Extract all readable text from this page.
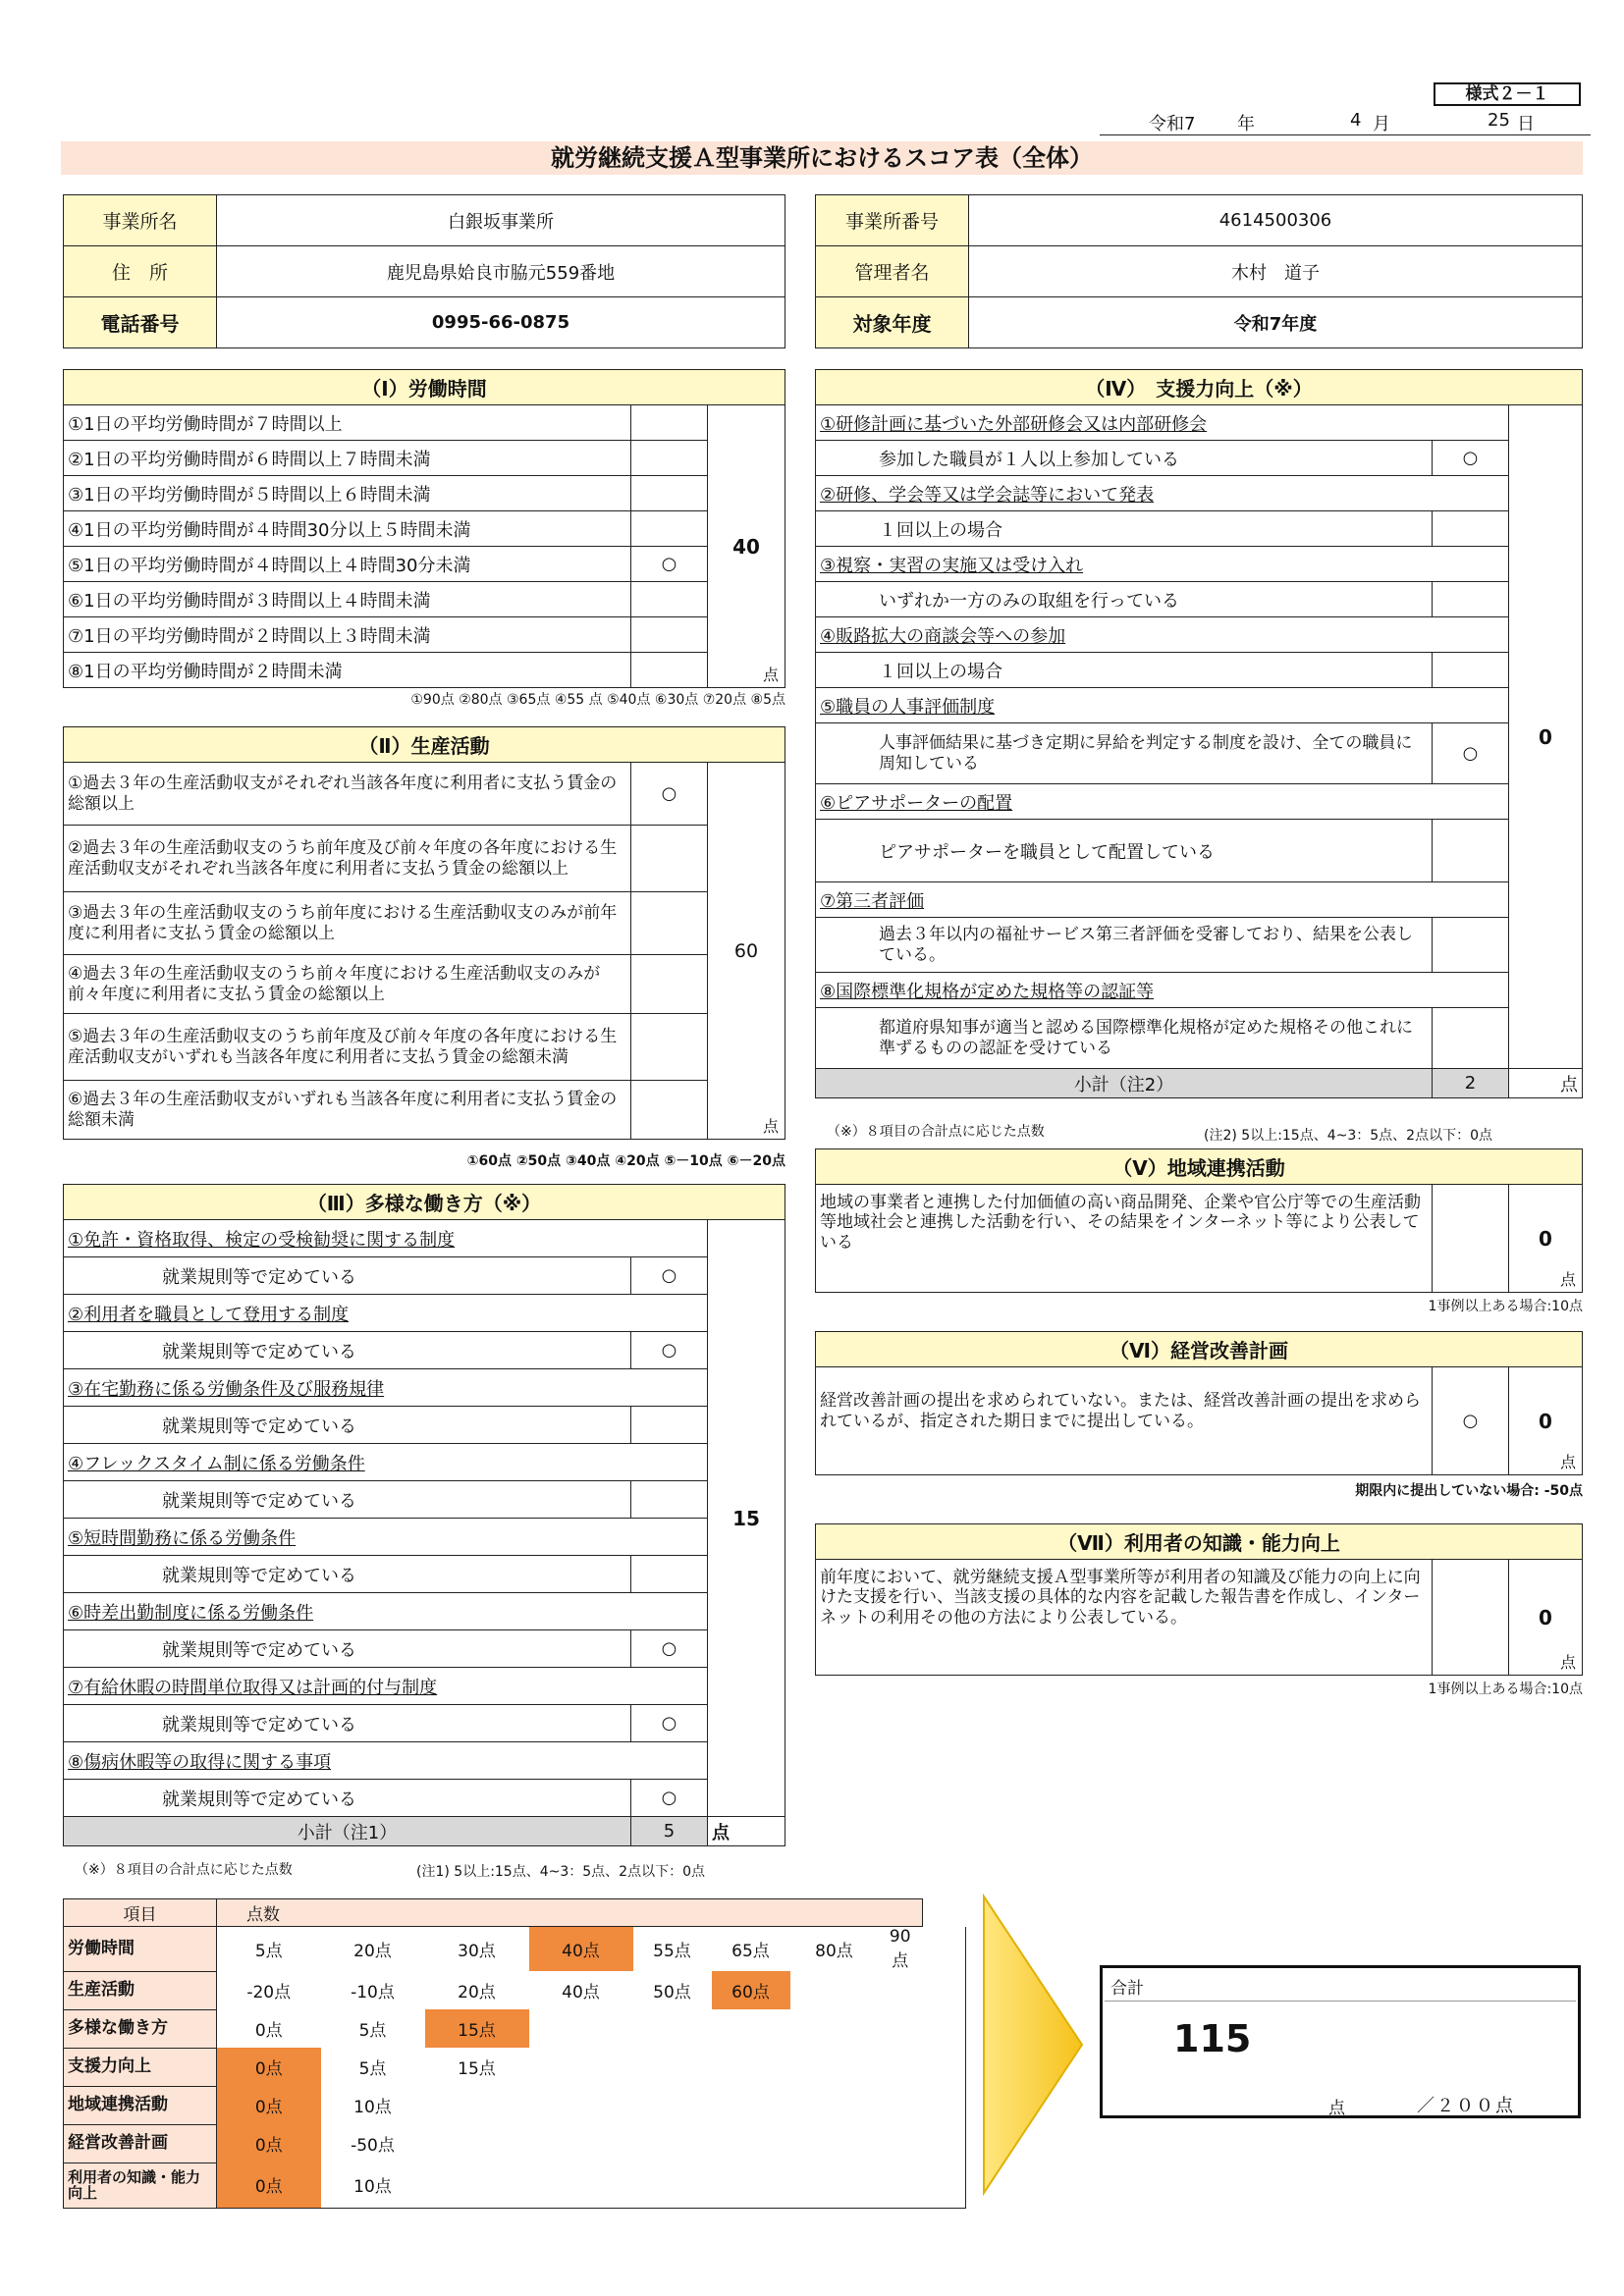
様式２－１
令和7 年	4 月	25 日
就労継続支援Ａ型事業所におけるスコア表（全体）
事業所名	白銀坂事業所
住　所	鹿児島県姶良市脇元559番地
電話番号	0995-66-0875
事業所番号	4614500306
管理者名	木村　道子
対象年度	令和7年度
（Ⅰ）労働時間		
①1日の平均労働時間が７時間以上		40
点

②1日の平均労働時間が６時間以上７時間未満		
③1日の平均労働時間が５時間以上６時間未満		
④1日の平均労働時間が４時間30分以上５時間未満		
⑤1日の平均労働時間が４時間以上４時間30分未満	○	
⑥1日の平均労働時間が３時間以上４時間未満		
⑦1日の平均労働時間が２時間以上３時間未満		
⑧1日の平均労働時間が２時間未満		
①90点 ②80点 ③65点 ④55 点 ⑤40点 ⑥30点 ⑦20点 ⑧5点
（Ⅱ）生産活動		
①過去３年の生産活動収支がそれぞれ当該各年度に利用者に支払う賃金の総額以上	○	60
点

②過去３年の生産活動収支のうち前年度及び前々年度の各年度における生産活動収支がそれぞれ当該各年度に利用者に支払う賃金の総額以上		
③過去３年の生産活動収支のうち前年度における生産活動収支のみが前年度に利用者に支払う賃金の総額以上		
④過去３年の生産活動収支のうち前々年度における生産活動収支のみが前々年度に利用者に支払う賃金の総額以上		
⑤過去３年の生産活動収支のうち前年度及び前々年度の各年度における生産活動収支がいずれも当該各年度に利用者に支払う賃金の総額未満		
⑥過去３年の生産活動収支がいずれも当該各年度に利用者に支払う賃金の総額未満		
①60点 ②50点 ③40点 ④20点 ⑤－10点 ⑥－20点
（Ⅲ）多様な働き方（※）		
①免許・資格取得、検定の受検勧奨に関する制度		15
就業規則等で定めている	○	
②利用者を職員として登用する制度		
就業規則等で定めている	○	
③在宅勤務に係る労働条件及び服務規律		
就業規則等で定めている		
④フレックスタイム制に係る労働条件		
就業規則等で定めている		
⑤短時間勤務に係る労働条件		
就業規則等で定めている		
⑥時差出勤制度に係る労働条件		
就業規則等で定めている	○	
⑦有給休暇の時間単位取得又は計画的付与制度		
就業規則等で定めている	○	
⑧傷病休暇等の取得に関する事項		
就業規則等で定めている	○	
小計（注1）	5	点
（※）８項目の合計点に応じた点数	(注1) 5以上:15点、4~3：5点、2点以下：0点
（Ⅳ）　支援力向上（※）		
①研修計画に基づいた外部研修会又は内部研修会		0
参加した職員が１人以上参加している	○	
②研修、学会等又は学会誌等において発表		
１回以上の場合		
③視察・実習の実施又は受け入れ		
いずれか一方のみの取組を行っている		
④販路拡大の商談会等への参加		
１回以上の場合		
⑤職員の人事評価制度		
人事評価結果に基づき定期に昇給を判定する制度を設け、全ての職員に周知している	○	
⑥ピアサポーターの配置		
ピアサポーターを職員として配置している		
⑦第三者評価		
過去３年以内の福祉サービス第三者評価を受審しており、結果を公表している。		
⑧国際標準化規格が定めた規格等の認証等		
都道府県知事が適当と認める国際標準化規格が定めた規格その他これに準ずるものの認証を受けている		
小計（注2）	2	点
（※）８項目の合計点に応じた点数	(注2) 5以上:15点、4~3：5点、2点以下：0点
（Ⅴ）地域連携活動
地域の事業者と連携した付加価値の高い商品開発、企業や官公庁等での生産活動等地域社会と連携した活動を行い、その結果をインターネット等により公表している		0
点
1事例以上ある場合:10点
（Ⅵ）経営改善計画
経営改善計画の提出を求められていない。または、経営改善計画の提出を求められているが、指定された期日までに提出している。	○	0
点
期限内に提出していない場合: -50点
（Ⅶ）利用者の知識・能力向上
前年度において、就労継続支援Ａ型事業所等が利用者の知識及び能力の向上に向けた支援を行い、当該支援の具体的な内容を記載した報告書を作成し、インターネットの利用その他の方法により公表している。		0
点
1事例以上ある場合:10点
項目	点数								
労働時間	5点	20点	30点	40点	55点	65点	80点	90点	
生産活動	-20点	-10点	20点	40点	50点	60点			
多様な働き方	0点	5点	15点						
支援力向上	0点	5点	15点						
地域連携活動	0点	10点							
経営改善計画	0点	-50点							
利用者の知識・能力向上	0点	10点							
合計
115
点	／２００点
